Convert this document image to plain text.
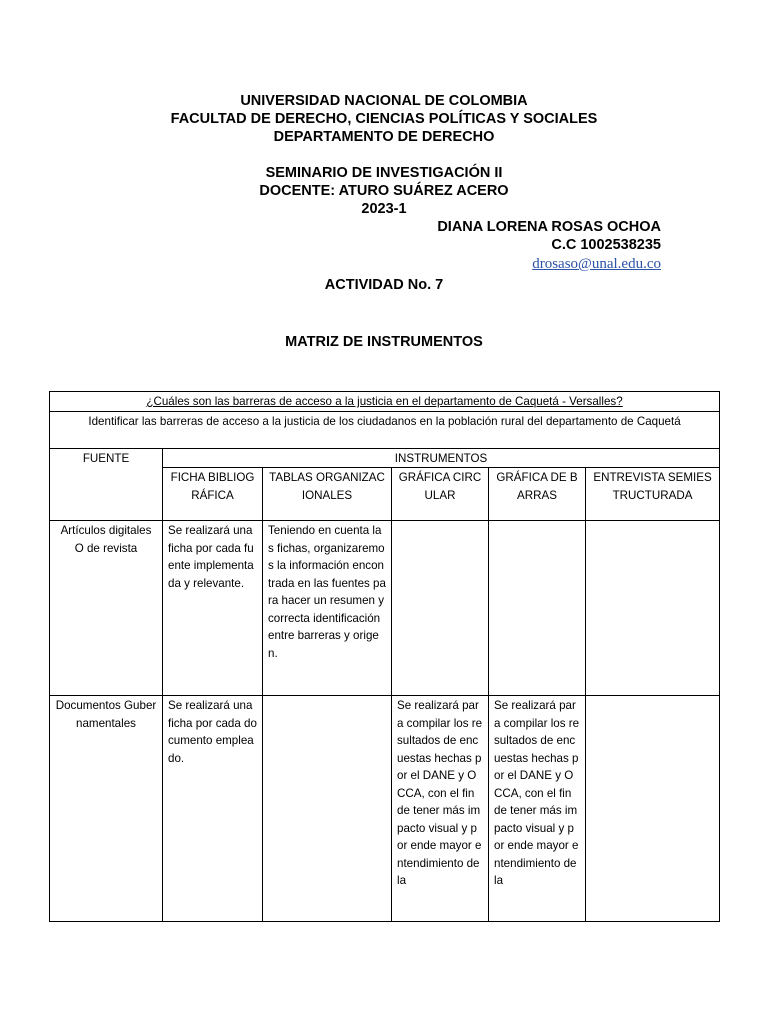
UNIVERSIDAD NACIONAL DE COLOMBIA
FACULTAD DE DERECHO, CIENCIAS POLÍTICAS Y SOCIALES
DEPARTAMENTO DE DERECHO
SEMINARIO DE INVESTIGACIÓN II
DOCENTE: ATURO SUÁREZ ACERO
2023-1
DIANA LORENA ROSAS OCHOA
C.C 1002538235
drosaso@unal.edu.co
ACTIVIDAD No. 7
MATRIZ DE INSTRUMENTOS
¿Cuáles son las barreras de acceso a la justicia en el departamento de Caquetá - Versalles?					
Identificar las barreras de acceso a la justicia de los ciudadanos en la población rural del departamento de Caquetá					
FUENTE	INSTRUMENTOS				
	FICHA BIBLIOGRÁFICA	TABLAS ORGANIZACIONALES	GRÁFICA CIRCULAR	GRÁFICA DE BARRAS	ENTREVISTA SEMIESTRUCTURADA
Artículos digitales O de revista	Se realizará una ficha por cada fuente implementada y relevante.	Teniendo en cuenta las fichas, organizaremos la información encontrada en las fuentes para hacer un resumen y correcta identificación entre barreras y origen.			
Documentos Gubernamentales	Se realizará una ficha por cada documento empleado.		Se realizará para compilar los resultados de encuestas hechas por el DANE y OCCA, con el fin de tener más impacto visual y por ende mayor entendimiento de la	Se realizará para compilar los resultados de encuestas hechas por el DANE y OCCA, con el fin de tener más impacto visual y por ende mayor entendimiento de la	
